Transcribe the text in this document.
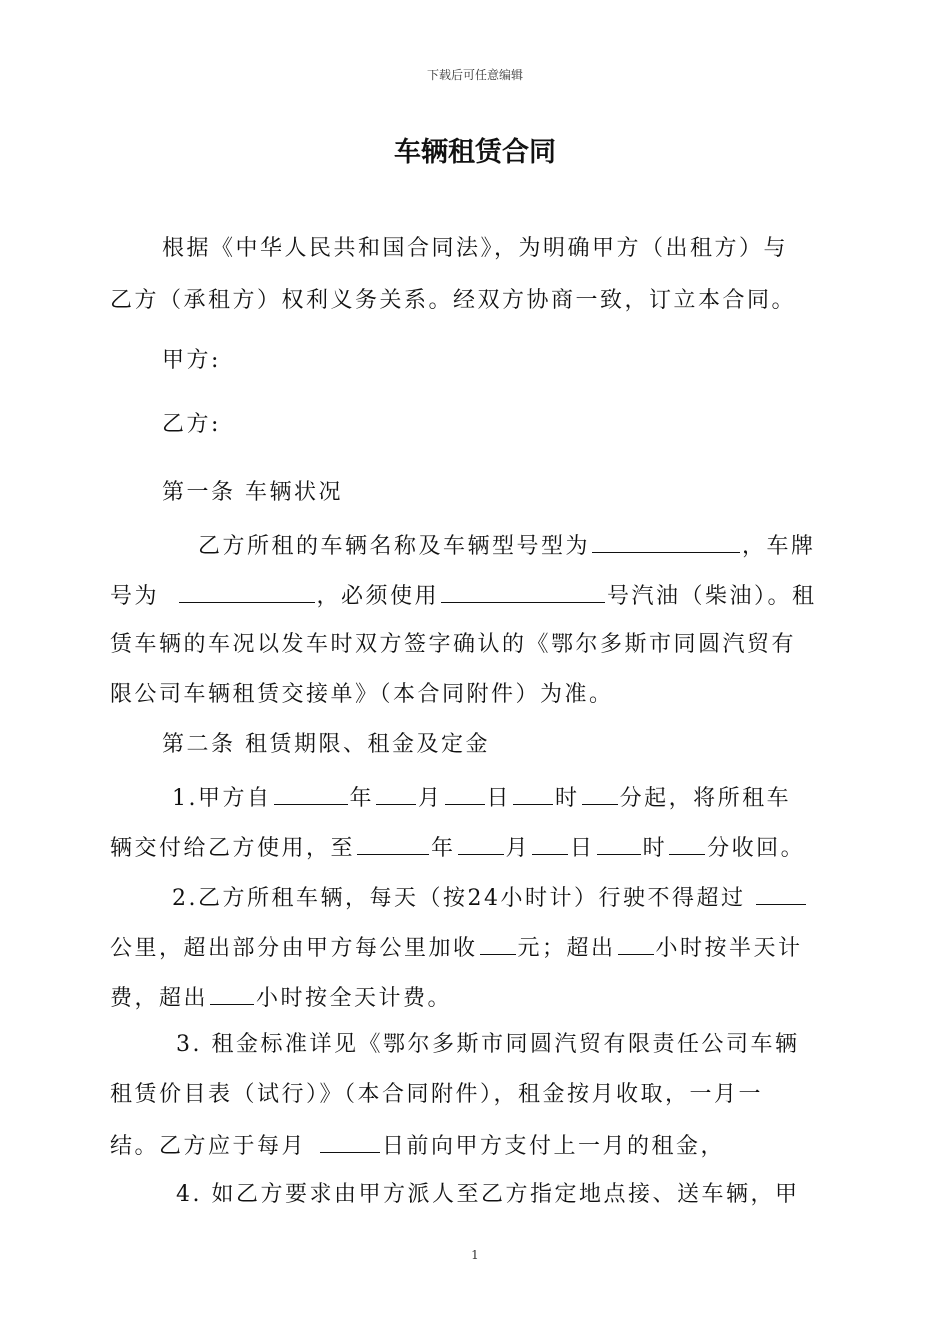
下载后可任意编辑
车辆租赁合同
根据《中华人民共和国合同法》，为明确甲方（出租方）与
乙方（承租方）权利义务关系。经双方协商一致，订立本合同。
甲方:
乙方:
第一条 车辆状况
乙方所租的车辆名称及车辆型号型为	，车牌
号为	，必须使用	号汽油（柴油）。租
赁车辆的车况以发车时双方签字确认的《鄂尔多斯市同圆汽贸有
限公司车辆租赁交接单》（本合同附件）为准。
第二条 租赁期限、租金及定金
1.甲方自	年 月 日 时 分起，将所租车
辆交付给乙方使用，至	年 月 日 时 分收回。
2.乙方所租车辆，每天（按24小时计）行驶不得超过
公里，超出部分由甲方每公里加收 元；超出 小时按半天计
费，超出 小时按全天计费。
3. 租金标准详见《鄂尔多斯市同圆汽贸有限责任公司车辆
租赁价目表（试行）》（本合同附件），租金按月收取，一月一
结。乙方应于每月	日前向甲方支付上一月的租金，
4. 如乙方要求由甲方派人至乙方指定地点接、送车辆，甲
1
